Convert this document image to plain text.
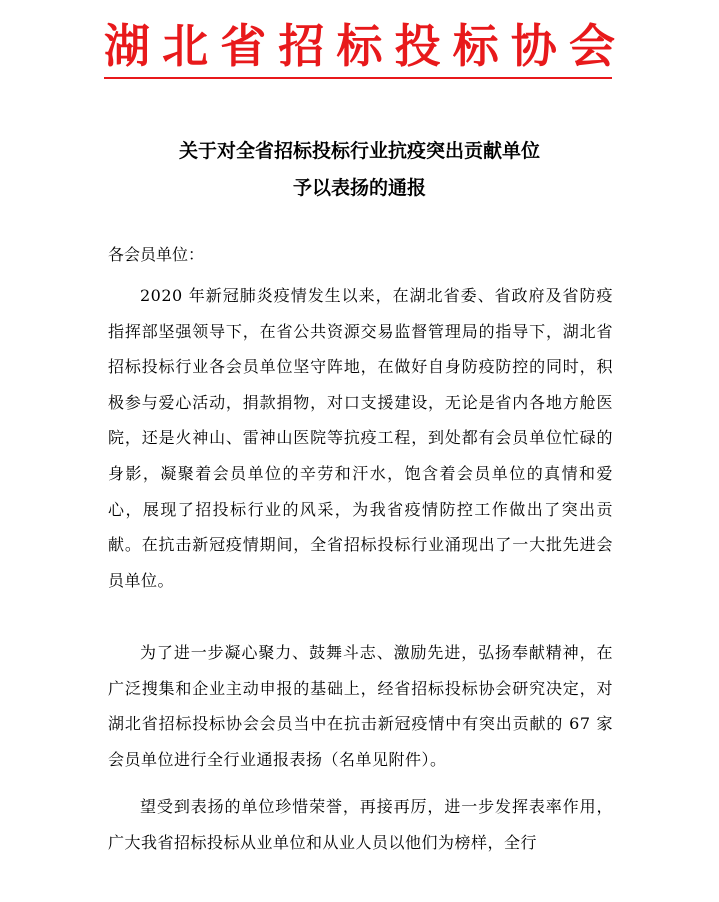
湖北省招标投标协会
关于对全省招标投标行业抗疫突出贡献单位
予以表扬的通报
各会员单位：

2020 年新冠肺炎疫情发生以来，在湖北省委、省政府及省防疫指挥部坚强领导下，在省公共资源交易监督管理局的指导下，湖北省招标投标行业各会员单位坚守阵地，在做好自身防疫防控的同时，积极参与爱心活动，捐款捐物，对口支援建设，无论是省内各地方舱医院，还是火神山、雷神山医院等抗疫工程，到处都有会员单位忙碌的身影，凝聚着会员单位的辛劳和汗水，饱含着会员单位的真情和爱心，展现了招投标行业的风采，为我省疫情防控工作做出了突出贡献。在抗击新冠疫情期间，全省招标投标行业涌现出了一大批先进会员单位。

为了进一步凝心聚力、鼓舞斗志、激励先进，弘扬奉献精神，在广泛搜集和企业主动申报的基础上，经省招标投标协会研究决定，对湖北省招标投标协会会员当中在抗击新冠疫情中有突出贡献的 67 家会员单位进行全行业通报表扬（名单见附件）。

望受到表扬的单位珍惜荣誉，再接再厉，进一步发挥表率作用，广大我省招标投标从业单位和从业人员以他们为榜样，全行
